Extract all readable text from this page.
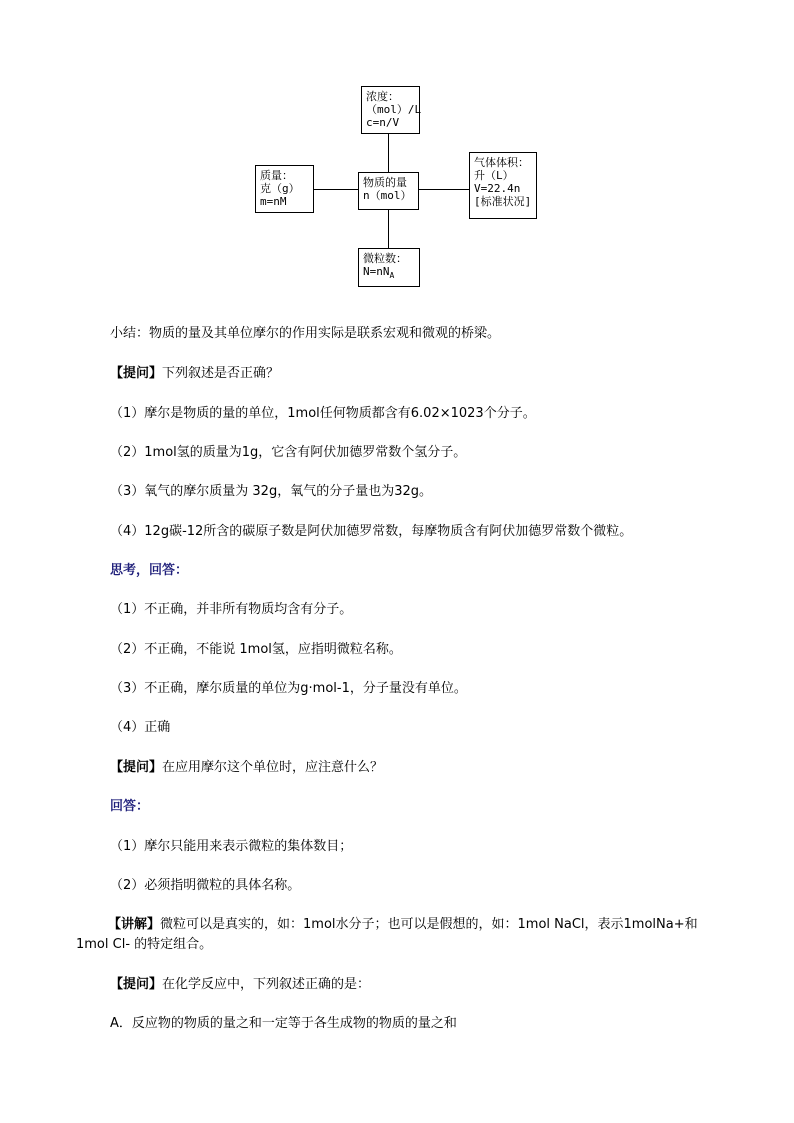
浓度：
（mol）/L
c=n/V
质量：
克（g）
m=nM
物质的量
n（mol）
气体体积：
升（L）
V=22.4n
[标准状况]
微粒数：
$N=nN_A$
小结：物质的量及其单位摩尔的作用实际是联系宏观和微观的桥梁。
【提问】下列叙述是否正确？
（1）摩尔是物质的量的单位，1mol任何物质都含有6.02×1023个分子。
（2）1mol氢的质量为1g，它含有阿伏加德罗常数个氢分子。
（3）氧气的摩尔质量为 32g，氧气的分子量也为32g。
（4）12g碳-12所含的碳原子数是阿伏加德罗常数，每摩物质含有阿伏加德罗常数个微粒。
思考，回答：
（1）不正确，并非所有物质均含有分子。
（2）不正确，不能说 1mol氢，应指明微粒名称。
（3）不正确，摩尔质量的单位为g·mol-1，分子量没有单位。
（4）正确
【提问】在应用摩尔这个单位时，应注意什么？
回答：
（1）摩尔只能用来表示微粒的集体数目；
（2）必须指明微粒的具体名称。
【讲解】微粒可以是真实的，如：1mol水分子；也可以是假想的，如：1mol NaCl，表示1molNa+和1mol Cl- 的特定组合。
【提问】在化学反应中，下列叙述正确的是：
A．反应物的物质的量之和一定等于各生成物的物质的量之和
